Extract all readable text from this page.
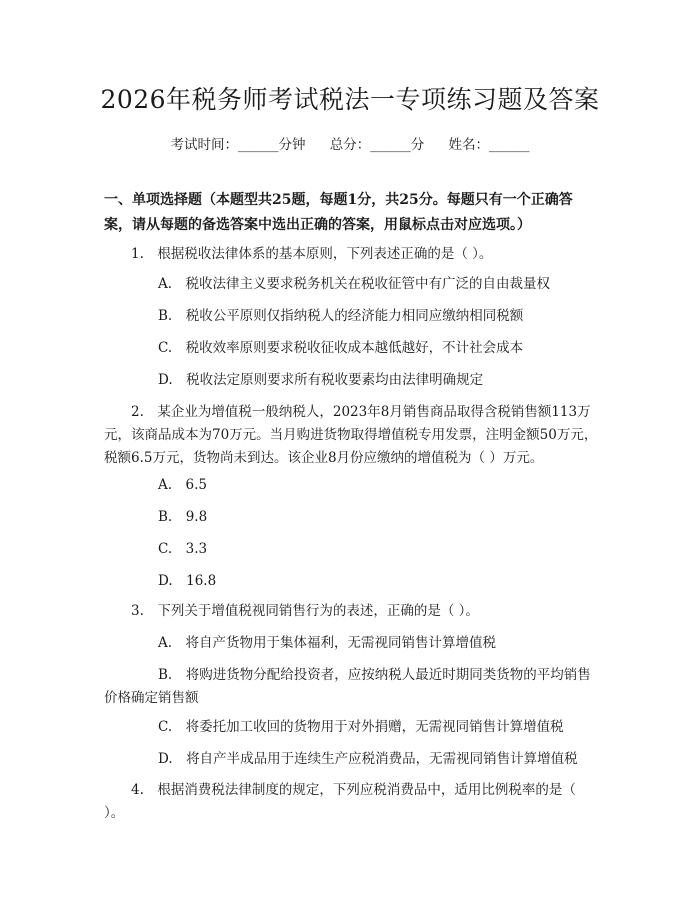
2026年税务师考试税法一专项练习题及答案
考试时间：______分钟 总分：______分 姓名：______
一、单项选择题（本题型共25题，每题1分，共25分。每题只有一个正确答案，请从每题的备选答案中选出正确的答案，用鼠标点击对应选项。）
1.　根据税收法律体系的基本原则，下列表述正确的是（ ）。
A.　税收法律主义要求税务机关在税收征管中有广泛的自由裁量权
B.　税收公平原则仅指纳税人的经济能力相同应缴纳相同税额
C.　税收效率原则要求税收征收成本越低越好，不计社会成本
D.　税收法定原则要求所有税收要素均由法律明确规定
2.　某企业为增值税一般纳税人，2023年8月销售商品取得含税销售额113万元，该商品成本为70万元。当月购进货物取得增值税专用发票，注明金额50万元，税额6.5万元，货物尚未到达。该企业8月份应缴纳的增值税为（ ）万元。
A.　6.5
B.　9.8
C.　3.3
D.　16.8
3.　下列关于增值税视同销售行为的表述，正确的是（ ）。
A.　将自产货物用于集体福利，无需视同销售计算增值税
B.　将购进货物分配给投资者，应按纳税人最近时期同类货物的平均销售价格确定销售额
C.　将委托加工收回的货物用于对外捐赠，无需视同销售计算增值税
D.　将自产半成品用于连续生产应税消费品，无需视同销售计算增值税
4.　根据消费税法律制度的规定，下列应税消费品中，适用比例税率的是（ ）。
